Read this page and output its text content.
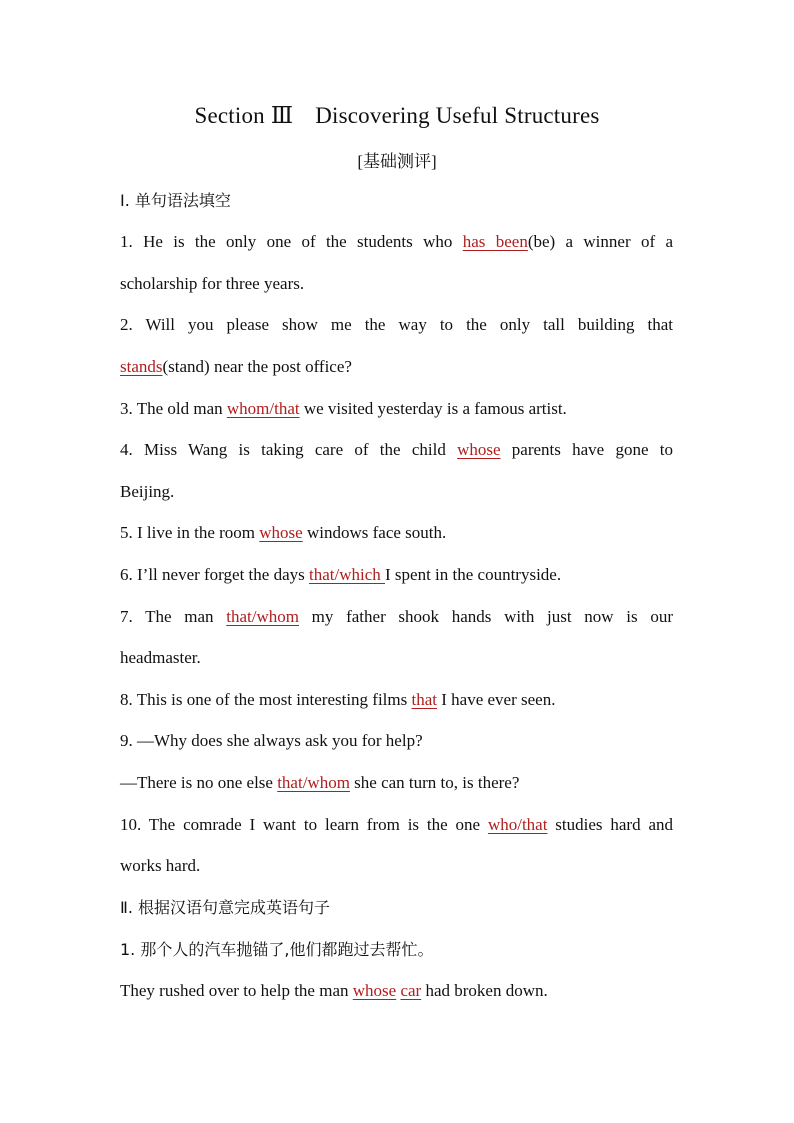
Section Ⅲ Discovering Useful Structures
[基础测评]
Ⅰ. 单句语法填空
1. He is the only one of the students who has been(be) a winner of a
scholarship for three years.
2. Will you please show me the way to the only tall building that
stands(stand) near the post office?
3. The old man whom/that we visited yesterday is a famous artist.
4. Miss Wang is taking care of the child whose parents have gone to
Beijing.
5. I live in the room whose windows face south.
6. I’ll never forget the days that/which I spent in the countryside.
7. The man that/whom my father shook hands with just now is our
headmaster.
8. This is one of the most interesting films that I have ever seen.
9. —Why does she always ask you for help?
—There is no one else that/whom she can turn to, is there?
10. The comrade I want to learn from is the one who/that studies hard and
works hard.
Ⅱ. 根据汉语句意完成英语句子
1. 那个人的汽车抛锚了,他们都跑过去帮忙。
They rushed over to help the man whose car had broken down.
